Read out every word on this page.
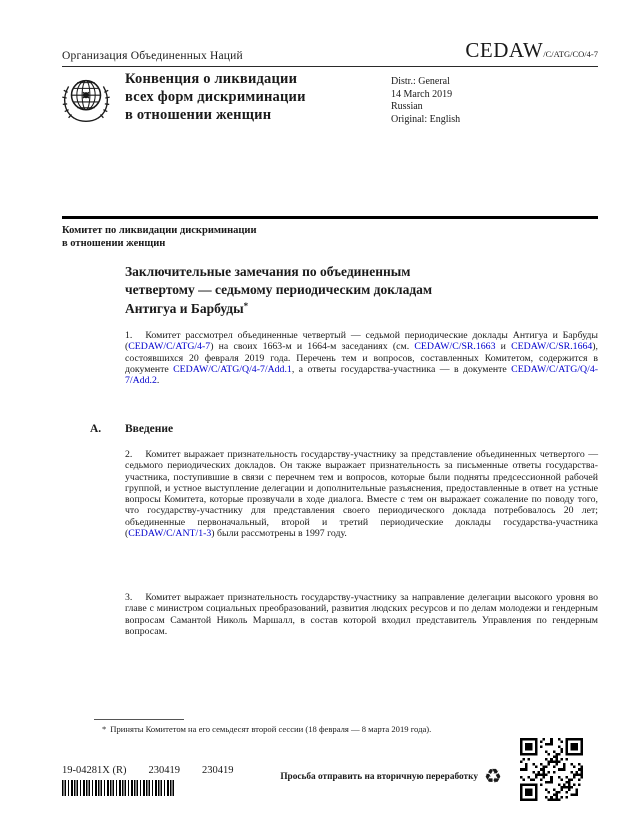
Организация Объединенных Наций	CEDAW/C/ATG/CO/4-7
Конвенция о ликвидации
всех форм дискриминации
в отношении женщин
Distr.: General
14 March 2019
Russian
Original: English
Комитет по ликвидации дискриминации
в отношении женщин
Заключительные замечания по объединенным
четвертому — седьмому периодическим докладам
Антигуа и Барбуды*
1. Комитет рассмотрел объединенные четвертый — седьмой периодические доклады Антигуа и Барбуды (CEDAW/C/ATG/4-7) на своих 1663-м и 1664-м заседаниях (см. CEDAW/C/SR.1663 и CEDAW/C/SR.1664), состоявшихся 20 февраля 2019 года. Перечень тем и вопросов, составленных Комитетом, содержится в документе CEDAW/C/ATG/Q/4-7/Add.1, а ответы государства-участника — в документе CEDAW/C/ATG/Q/4-7/Add.2.
A. Введение
2. Комитет выражает признательность государству-участнику за представление объединенных четвертого — седьмого периодических докладов. Он также выражает признательность за письменные ответы государства-участника, поступившие в связи с перечнем тем и вопросов, которые были подняты предсессионной рабочей группой, и устное выступление делегации и дополнительные разъяснения, предоставленные в ответ на устные вопросы Комитета, которые прозвучали в ходе диалога. Вместе с тем он выражает сожаление по поводу того, что государству-участнику для представления своего периодического доклада потребовалось 20 лет; объединенные первоначальный, второй и третий периодические доклады государства-участника (CEDAW/C/ANT/1-3) были рассмотрены в 1997 году.
3. Комитет выражает признательность государству-участнику за направление делегации высокого уровня во главе с министром социальных преобразований, развития людских ресурсов и по делам молодежи и гендерным вопросам Самантой Николь Маршалл, в состав которой входил представитель Управления по гендерным вопросам.
* Приняты Комитетом на его семьдесят второй сессии (18 февраля — 8 марта 2019 года).
19-04281X (R) 230419 230419
Просьба отправить на вторичную переработку ♻
